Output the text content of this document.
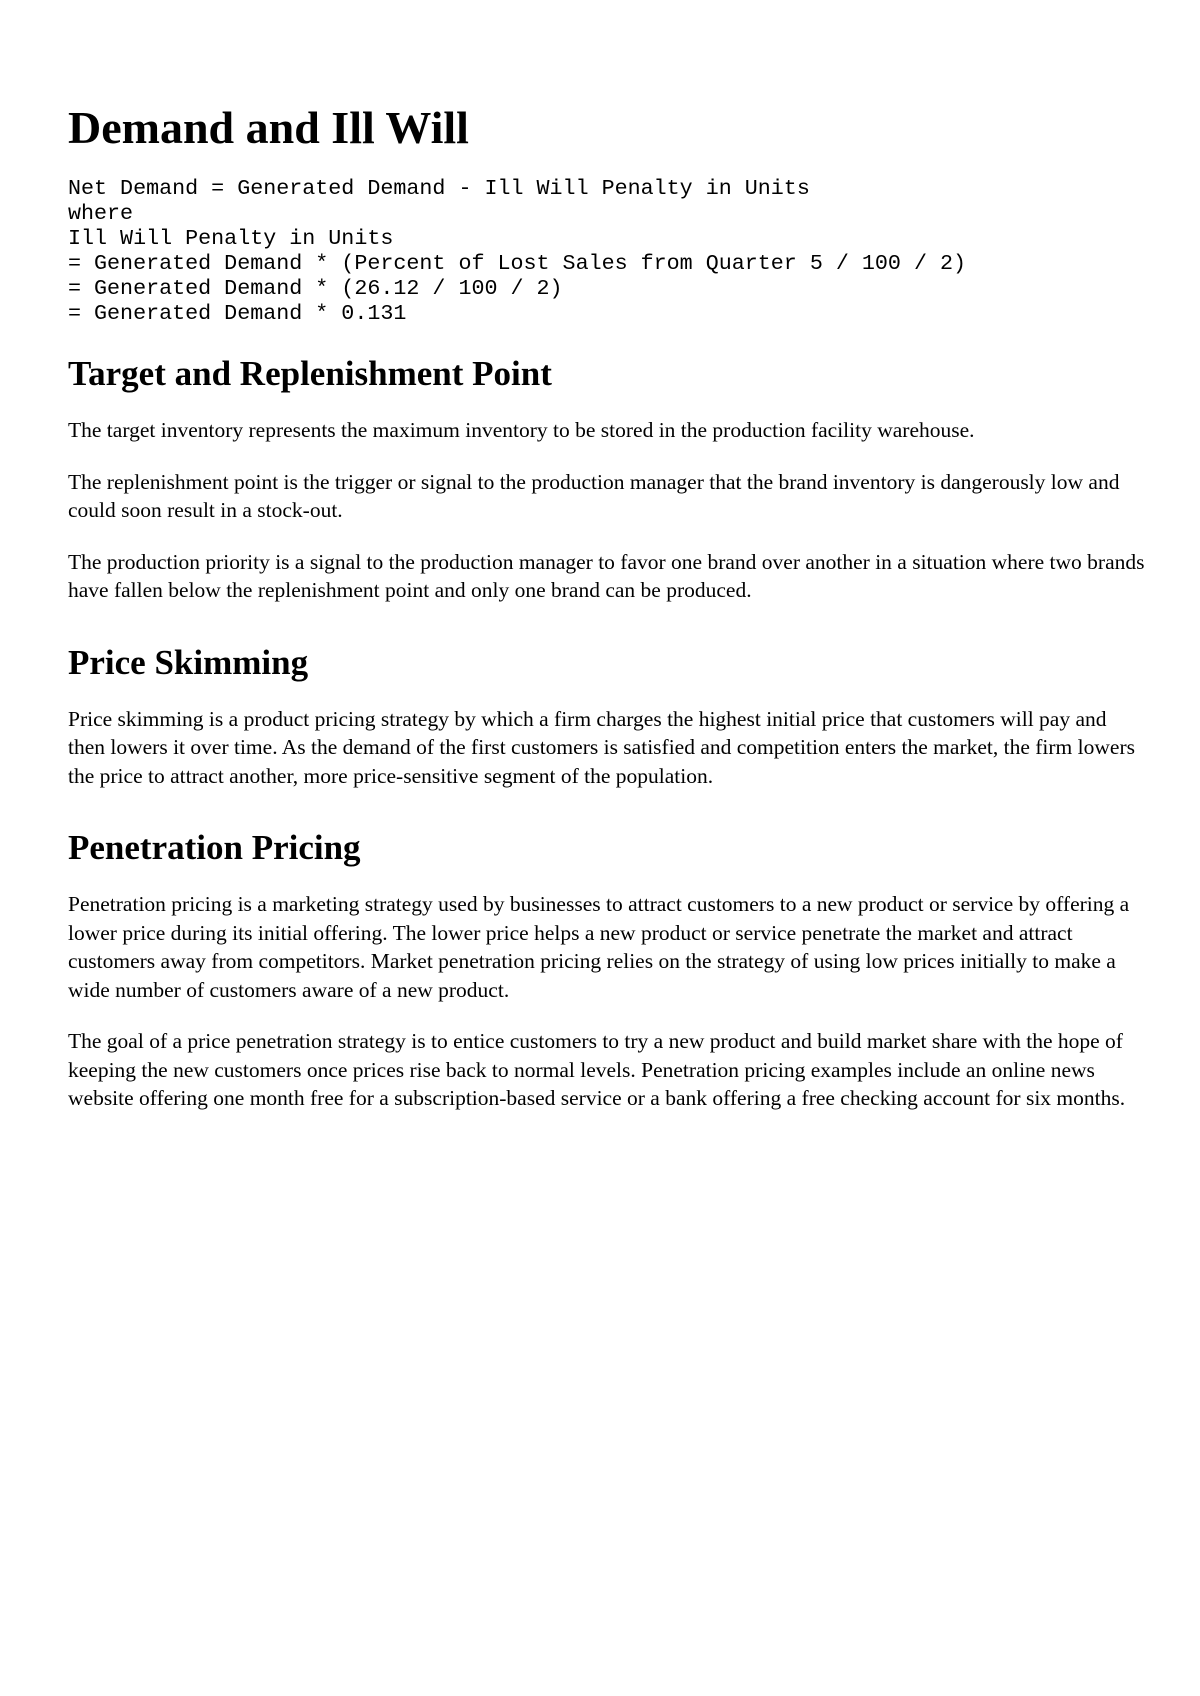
Demand and Ill Will
Net Demand = Generated Demand - Ill Will Penalty in Units
where
Ill Will Penalty in Units
= Generated Demand * (Percent of Lost Sales from Quarter 5 / 100 / 2)
= Generated Demand * (26.12 / 100 / 2)
= Generated Demand * 0.131
Target and Replenishment Point

The target inventory represents the maximum inventory to be stored in the production facility warehouse.

The replenishment point is the trigger or signal to the production manager that the brand inventory is dangerously low and could soon result in a stock-out.

The production priority is a signal to the production manager to favor one brand over another in a situation where two brands have fallen below the replenishment point and only one brand can be produced.

Price Skimming

Price skimming is a product pricing strategy by which a firm charges the highest initial price that customers will pay and then lowers it over time. As the demand of the first customers is satisfied and competition enters the market, the firm lowers the price to attract another, more price-sensitive segment of the population.

Penetration Pricing

Penetration pricing is a marketing strategy used by businesses to attract customers to a new product or service by offering a lower price during its initial offering. The lower price helps a new product or service penetrate the market and attract customers away from competitors. Market penetration pricing relies on the strategy of using low prices initially to make a wide number of customers aware of a new product.

The goal of a price penetration strategy is to entice customers to try a new product and build market share with the hope of keeping the new customers once prices rise back to normal levels. Penetration pricing examples include an online news website offering one month free for a subscription-based service or a bank offering a free checking account for six months.
